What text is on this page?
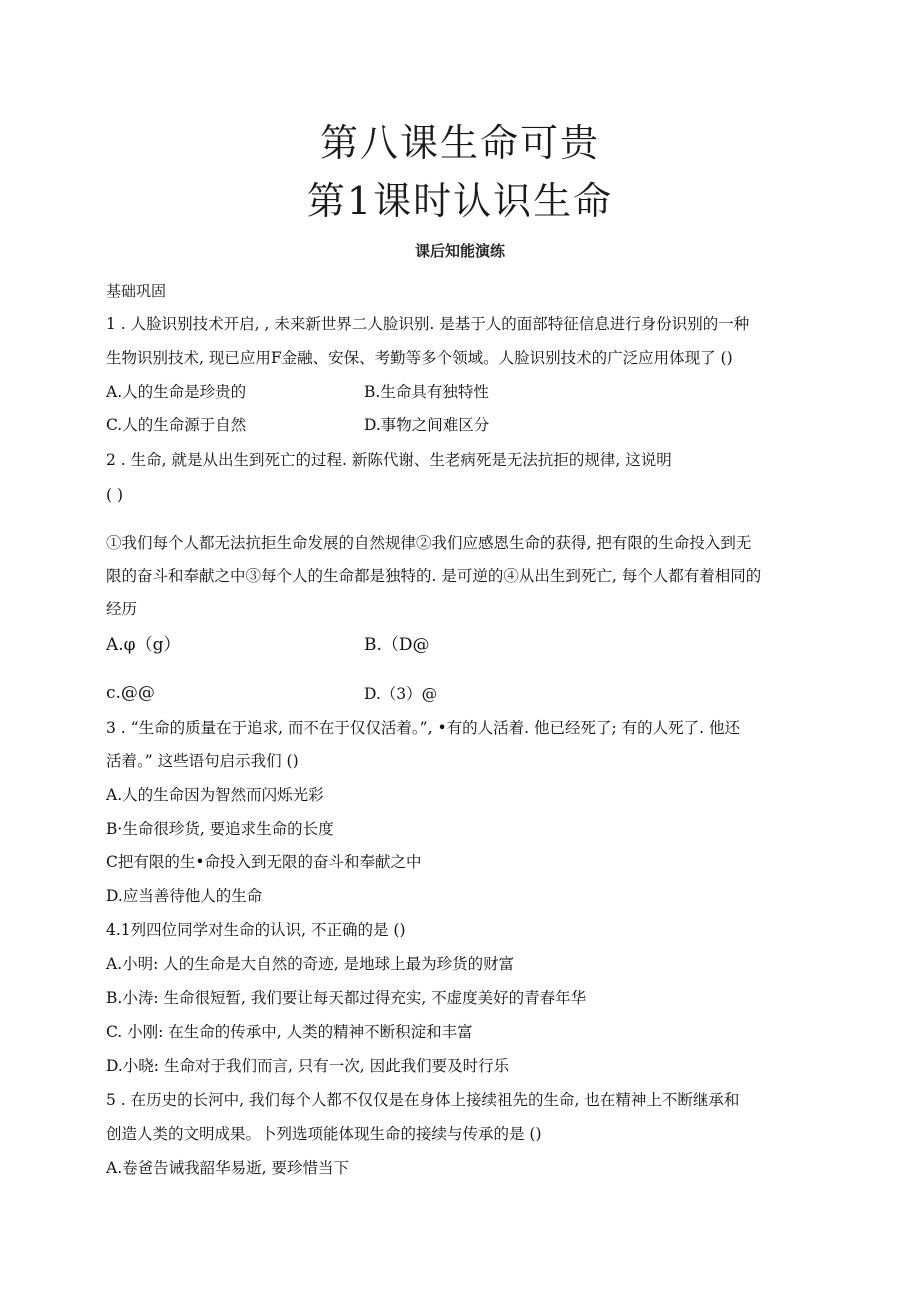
第八课生命可贵
第1课时认识生命
课后知能演练
基础巩固
1 . 人脸识别技术开启, , 未来新世界二人脸识别. 是基于人的面部特征信息进行身份识别的一种
生物识别技术, 现已应用F金融、安保、考勤等多个领域。人脸识别技术的广泛应用体现了 ()
A.人的生命是珍贵的	B.生命具有独特性
C.人的生命源于自然	D.事物之间难区分
2 . 生命, 就是从出生到死亡的过程. 新陈代谢、生老病死是无法抗拒的规律, 这说明
( )
①我们每个人都无法抗拒生命发展的自然规律②我们应感恩生命的获得, 把有限的生命投入到无
限的奋斗和奉献之中③每个人的生命都是独特的. 是可逆的④从出生到死亡, 每个人都有着相同的
经历
A.φ（g）	B.（D@
c.@@	D.（3）@
3 . “生命的质量在于追求, 而不在于仅仅活着。”, •有的人活着. 他已经死了; 有的人死了. 他还
活着。” 这些语句启示我们 ()
A.人的生命因为智然而闪烁光彩
B·生命很珍货, 要追求生命的长度
C把有限的生•命投入到无限的奋斗和奉献之中
D.应当善待他人的生命
4.1列四位同学对生命的认识, 不正确的是 ()
A.小明: 人的生命是大自然的奇迹, 是地球上最为珍货的财富
B.小涛: 生命很短暂, 我们要让每天都过得充实, 不虚度美好的青春年华
C. 小刚: 在生命的传承中, 人类的精神不断积淀和丰富
D.小晓: 生命对于我们而言, 只有一次, 因此我们要及时行乐
5 . 在历史的长河中, 我们每个人都不仅仅是在身体上接续祖先的生命, 也在精神上不断继承和
创造人类的文明成果。卜列选项能体现生命的接续与传承的是 ()
A.卷爸告诫我韶华易逝, 要珍惜当下
